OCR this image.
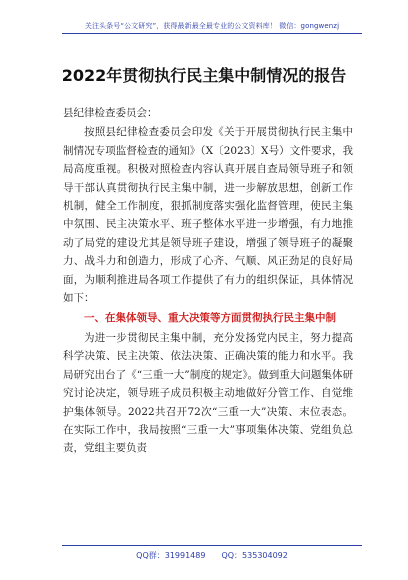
关注头条号“公文研究”，获得最新最全最专业的公文资料库！ 微信：gongwenzj
2022年贯彻执行民主集中制情况的报告

县纪律检查委员会：

按照县纪律检查委员会印发《关于开展贯彻执行民主集中制情况专项监督检查的通知》（X〔2023〕X号）文件要求，我局高度重视。积极对照检查内容认真开展自查局领导班子和领导干部认真贯彻执行民主集中制，进一步解放思想，创新工作机制，健全工作制度，狠抓制度落实强化监督管理，使民主集中氛围、民主决策水平、班子整体水平进一步增强，有力地推动了局党的建设尤其是领导班子建设，增强了领导班子的凝聚力、战斗力和创造力，形成了心齐、气顺、风正劲足的良好局面，为顺利推进局各项工作提供了有力的组织保证，具体情况如下：

一、在集体领导、重大决策等方面贯彻执行民主集中制

为进一步贯彻民主集中制，充分发扬党内民主，努力提高科学决策、民主决策、依法决策、正确决策的能力和水平。我局研究出台了《“三重一大”制度的规定》。做到重大问题集体研究讨论决定，领导班子成员积极主动地做好分管工作、自觉维护集体领导。2022共召开72次“三重一大”决策、末位表态。在实际工作中，我局按照“三重一大”事项集体决策、党组负总责，党组主要负责

QQ群：31991489　　QQ：535304092
